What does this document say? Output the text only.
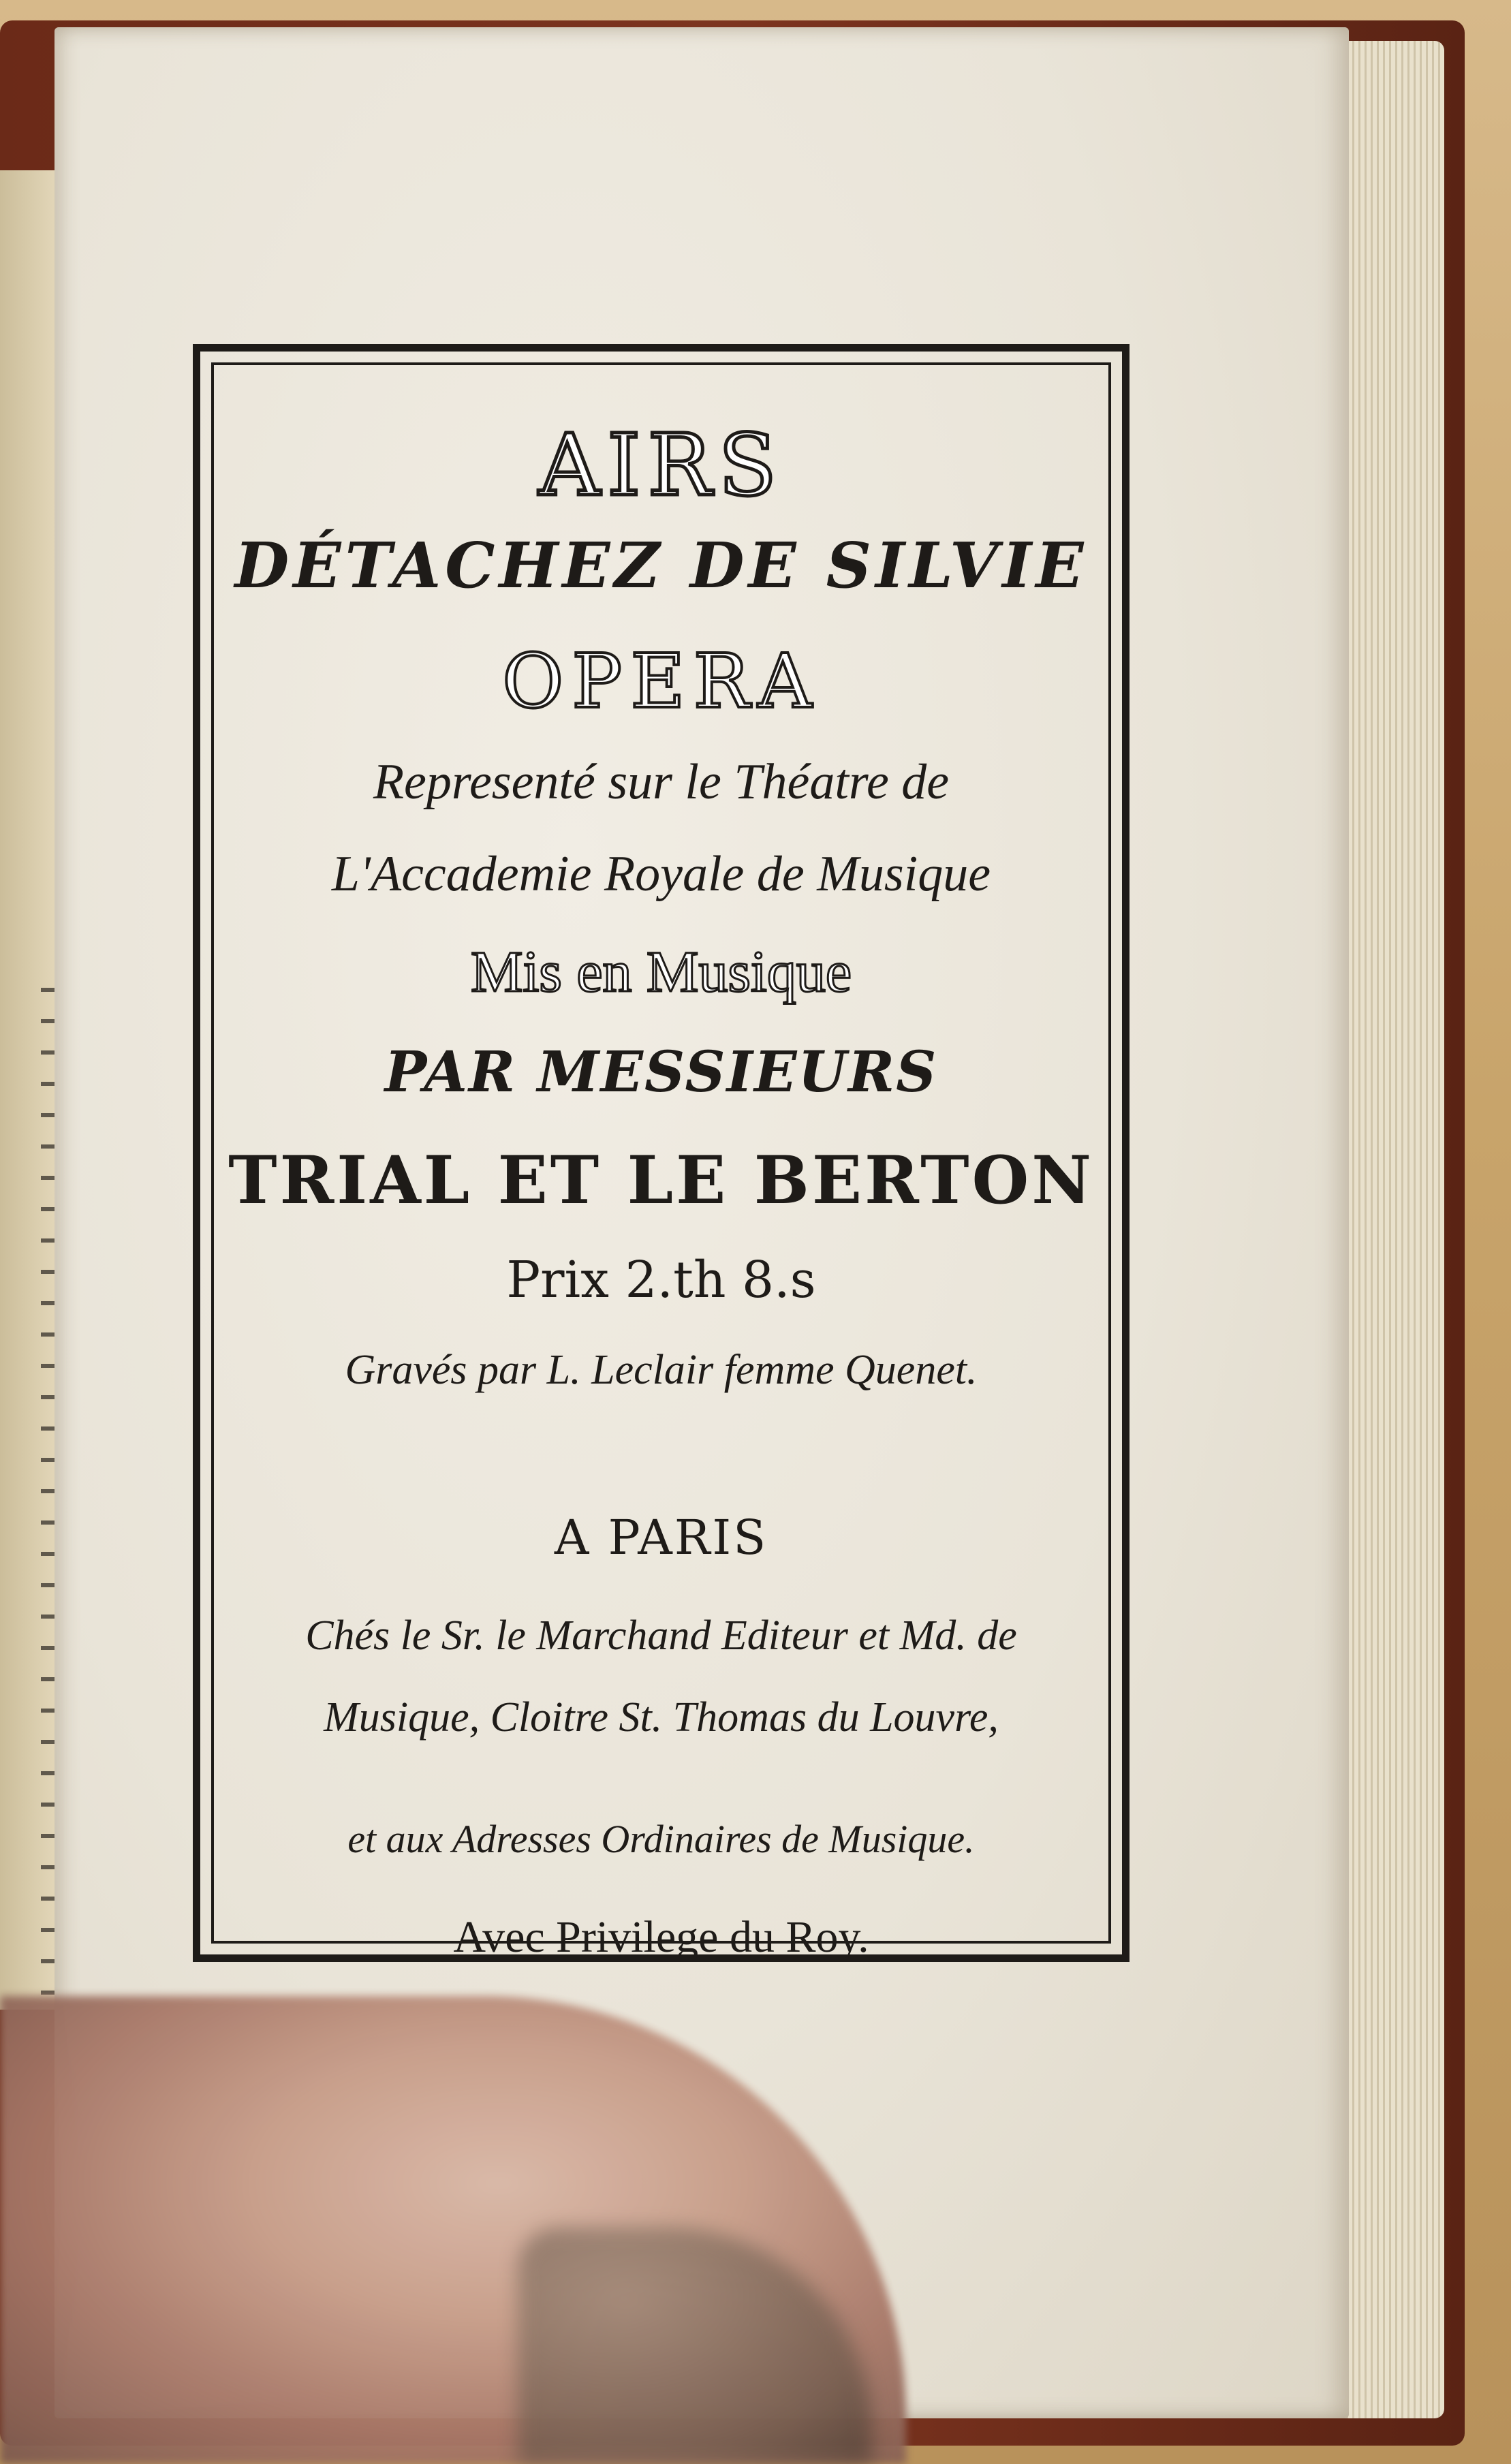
AIRS
DÉTACHEZ DE SILVIE
OPERA
Representé sur le Théatre de
L'Accademie Royale de Musique
Mis en Musique
PAR MESSIEURS
TRIAL ET LE BERTON
Prix 2.th 8.s
Gravés par L. Leclair femme Quenet.
A PARIS
Chés le Sr. le Marchand Editeur et Md. de
Musique, Cloitre St. Thomas du Louvre,
et aux Adresses Ordinaires de Musique.
Avec Privilege du Roy.
